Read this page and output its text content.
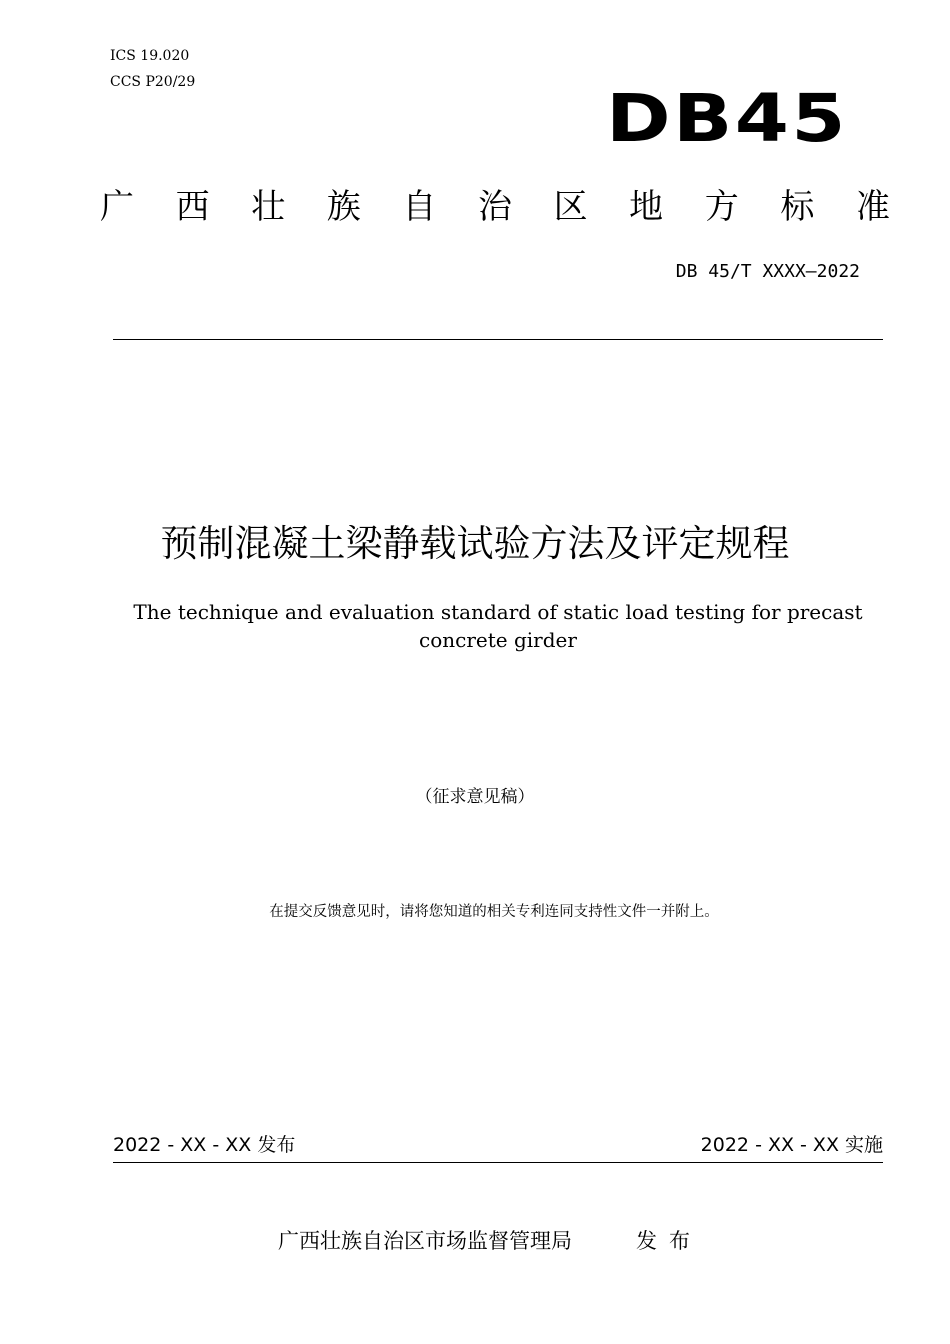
ICS 19.020
CCS P20/29	DB45
广 西 壮 族 自 治 区 地 方 标 准
DB 45/T XXXX—2022
预制混凝土梁静载试验方法及评定规程
The technique and evaluation standard of static load testing for precast concrete girder
（征求意见稿）
在提交反馈意见时，请将您知道的相关专利连同支持性文件一并附上。
2022 - XX - XX 发布	2022 - XX - XX 实施
广西壮族自治区市场监督管理局	发布
